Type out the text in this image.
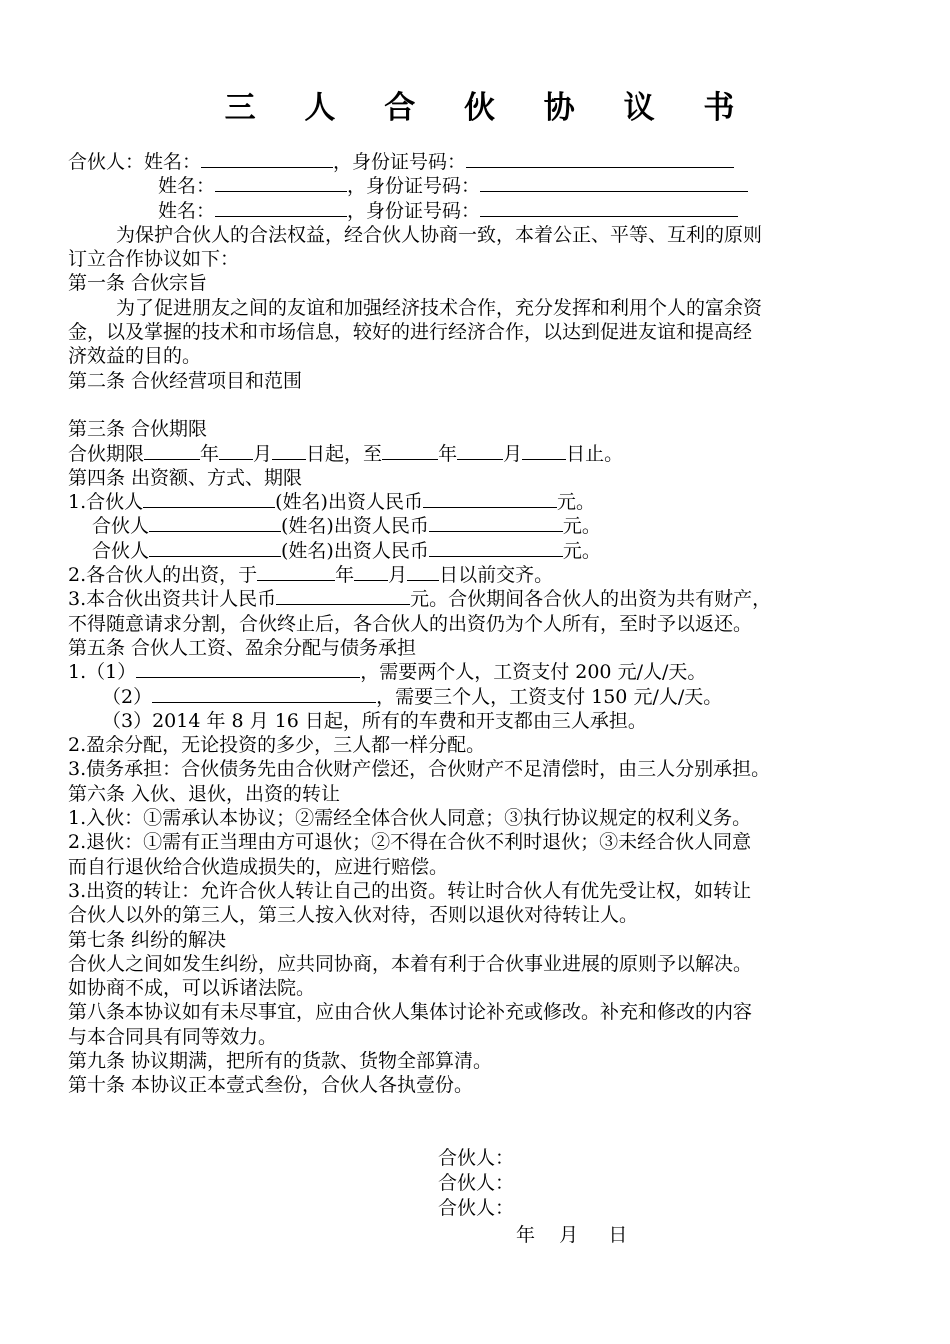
三 人 合 伙 协 议 书
合伙人：姓名：	，身份证号码：
姓名：	，身份证号码：
姓名：	，身份证号码：
为保护合伙人的合法权益，经合伙人协商一致，本着公正、平等、互利的原则
订立合作协议如下：
第一条 合伙宗旨
为了促进朋友之间的友谊和加强经济技术合作，充分发挥和利用个人的富余资
金，以及掌握的技术和市场信息，较好的进行经济合作，以达到促进友谊和提高经
济效益的目的。
第二条 合伙经营项目和范围
第三条 合伙期限
合伙期限	年 月 日起，至	年 月 日止。
第四条 出资额、方式、期限
1.合伙人	(姓名)出资人民币	元。
合伙人	(姓名)出资人民币	元。
合伙人	(姓名)出资人民币	元。
2.各合伙人的出资，于	年 月 日以前交齐。
3.本合伙出资共计人民币	元。合伙期间各合伙人的出资为共有财产，
不得随意请求分割，合伙终止后，各合伙人的出资仍为个人所有，至时予以返还。
第五条 合伙人工资、盈余分配与债务承担
1.（1）	，需要两个人，工资支付 200 元/人/天。
（2）	，需要三个人，工资支付 150 元/人/天。
（3）2014 年 8 月 16 日起，所有的车费和开支都由三人承担。
2.盈余分配，无论投资的多少，三人都一样分配。
3.债务承担：合伙债务先由合伙财产偿还，合伙财产不足清偿时，由三人分别承担。
第六条 入伙、退伙，出资的转让
1.入伙：①需承认本协议；②需经全体合伙人同意；③执行协议规定的权利义务。
2.退伙：①需有正当理由方可退伙；②不得在合伙不利时退伙；③未经合伙人同意
而自行退伙给合伙造成损失的，应进行赔偿。
3.出资的转让：允许合伙人转让自己的出资。转让时合伙人有优先受让权，如转让
合伙人以外的第三人，第三人按入伙对待，否则以退伙对待转让人。
第七条 纠纷的解决
合伙人之间如发生纠纷，应共同协商，本着有利于合伙事业进展的原则予以解决。
如协商不成，可以诉诸法院。
第八条本协议如有未尽事宜，应由合伙人集体讨论补充或修改。补充和修改的内容
与本合同具有同等效力。
第九条 协议期满，把所有的货款、货物全部算清。
第十条 本协议正本壹式叁份，合伙人各执壹份。
合伙人：
合伙人：
合伙人：
年    月     日
